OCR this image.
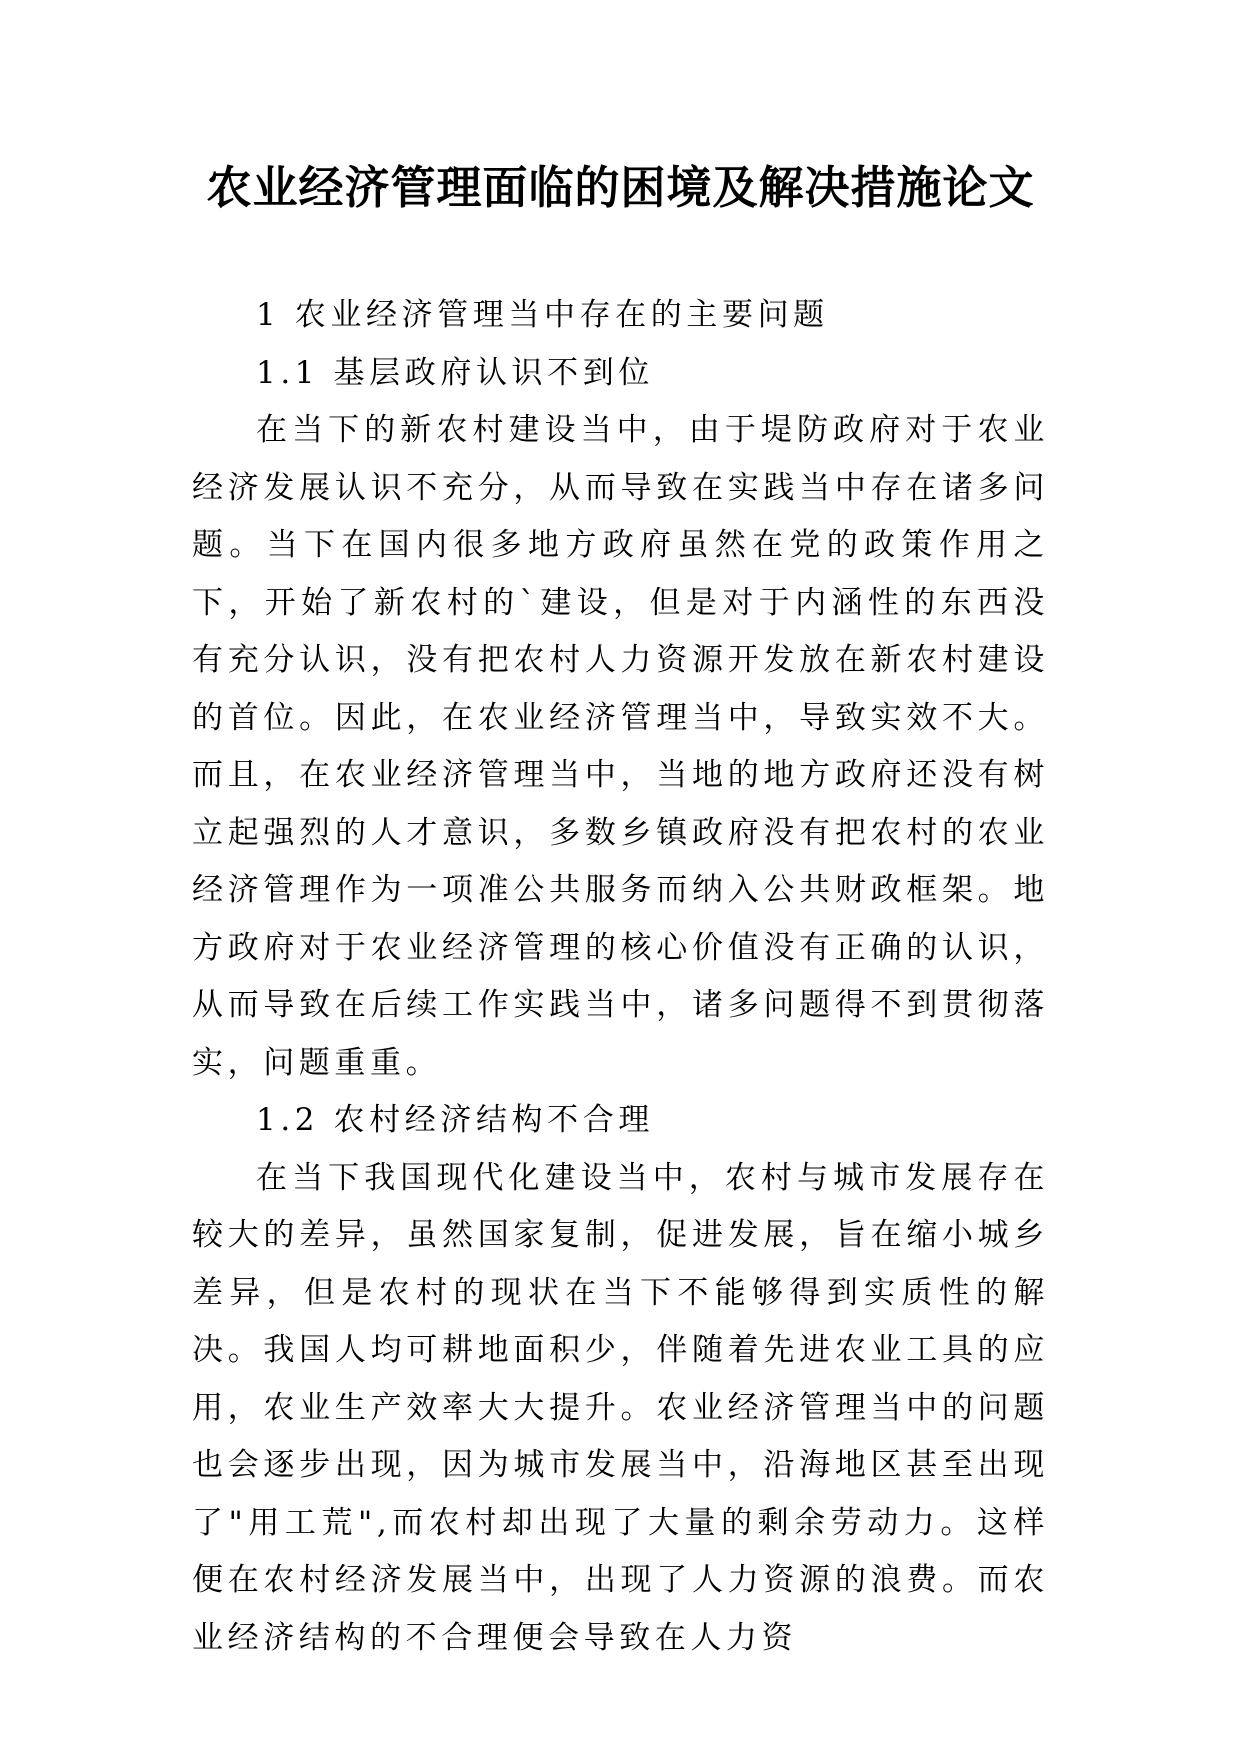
农业经济管理面临的困境及解决措施论文

1 农业经济管理当中存在的主要问题

1.1 基层政府认识不到位

在当下的新农村建设当中，由于堤防政府对于农业经济发展认识不充分，从而导致在实践当中存在诸多问题。当下在国内很多地方政府虽然在党的政策作用之下，开始了新农村的`建设，但是对于内涵性的东西没有充分认识，没有把农村人力资源开发放在新农村建设的首位。因此，在农业经济管理当中，导致实效不大。而且，在农业经济管理当中，当地的地方政府还没有树立起强烈的人才意识，多数乡镇政府没有把农村的农业经济管理作为一项准公共服务而纳入公共财政框架。地方政府对于农业经济管理的核心价值没有正确的认识，从而导致在后续工作实践当中，诸多问题得不到贯彻落实，问题重重。

1.2 农村经济结构不合理

在当下我国现代化建设当中，农村与城市发展存在较大的差异，虽然国家复制，促进发展，旨在缩小城乡差异，但是农村的现状在当下不能够得到实质性的解决。我国人均可耕地面积少，伴随着先进农业工具的应用，农业生产效率大大提升。农业经济管理当中的问题也会逐步出现，因为城市发展当中，沿海地区甚至出现了"用工荒",而农村却出现了大量的剩余劳动力。这样便在农村经济发展当中，出现了人力资源的浪费。而农业经济结构的不合理便会导致在人力资
